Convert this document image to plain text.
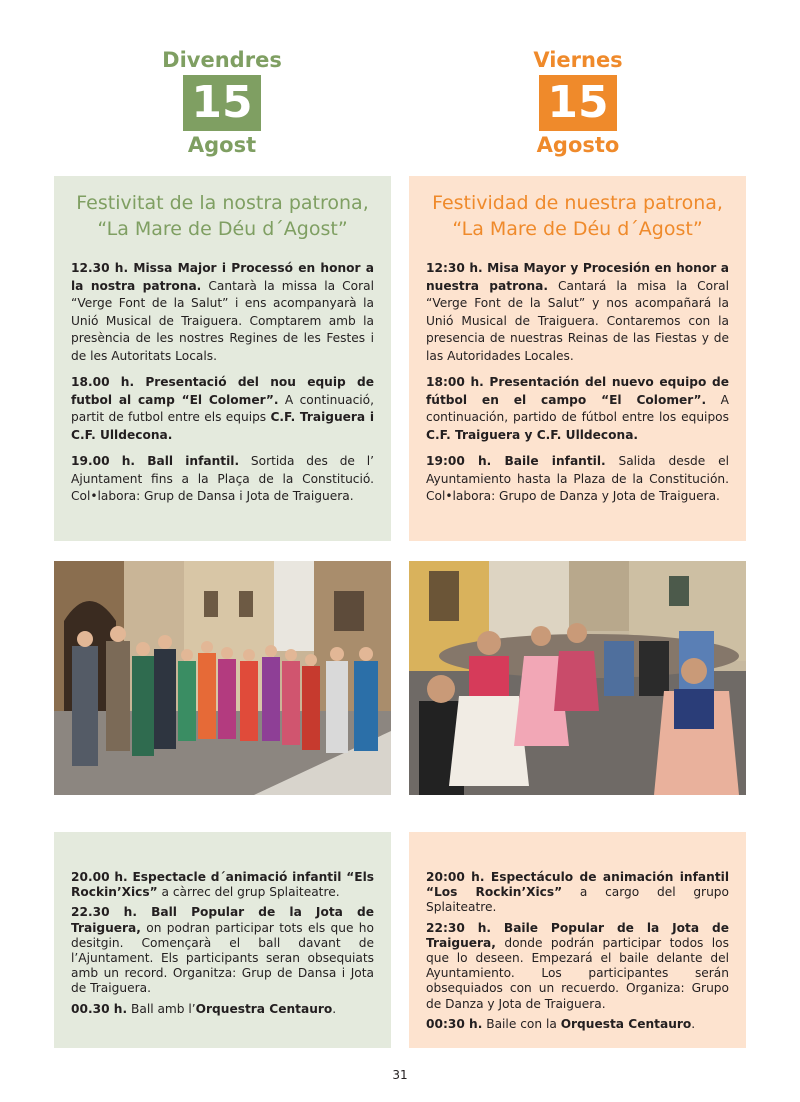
Divendres
15
Agost
Viernes
15
Agosto
Festivitat de la nostra patrona,
“La Mare de Déu d´Agost”

12.30 h. Missa Major i Processó en honor a la nostra patrona. Cantarà la missa la Coral “Verge Font de la Salut” i ens acompanyarà la Unió Musical de Traiguera. Comptarem amb la presència de les nostres Regines de les Festes i de les Autoritats Locals.

18.00 h. Presentació del nou equip de futbol al camp “El Colomer”. A continuació, partit de futbol entre els equips C.F. Traiguera i C.F. Ulldecona.

19.00 h. Ball infantil. Sortida des de l’ Ajuntament fins a la Plaça de la Constitució. Col•labora: Grup de Dansa i Jota de Traiguera.

Festividad de nuestra patrona,
“La Mare de Déu d´Agost”

12:30 h. Misa Mayor y Procesión en honor a nuestra patrona. Cantará la misa la Coral “Verge Font de la Salut” y nos acompañará la Unió Musical de Traiguera. Contaremos con la presencia de nuestras Reinas de las Fiestas y de las Autoridades Locales.

18:00 h. Presentación del nuevo equipo de fútbol en el campo “El Colomer”. A continuación, partido de fútbol entre los equipos C.F. Traiguera y C.F. Ulldecona.

19:00 h. Baile infantil. Salida desde el Ayuntamiento hasta la Plaza de la Constitución. Col•labora: Grupo de Danza y Jota de Traiguera.

20.00 h. Espectacle d´animació infantil “Els Rockin’Xics” a càrrec del grup Splaiteatre.

22.30 h. Ball Popular de la Jota de Traiguera, on podran participar tots els que ho desitgin. Començarà el ball davant de l’Ajuntament. Els participants seran obsequiats amb un record. Organitza: Grup de Dansa i Jota de Traiguera.

00.30 h. Ball amb l’Orquestra Centauro.

20:00 h. Espectáculo de animación infantil “Los Rockin’Xics” a cargo del grupo Splaiteatre.

22:30 h. Baile Popular de la Jota de Traiguera, donde podrán participar todos los que lo deseen. Empezará el baile delante del Ayuntamiento. Los participantes serán obsequiados con un recuerdo. Organiza: Grupo de Danza y Jota de Traiguera.

00:30 h. Baile con la Orquesta Centauro.

31
